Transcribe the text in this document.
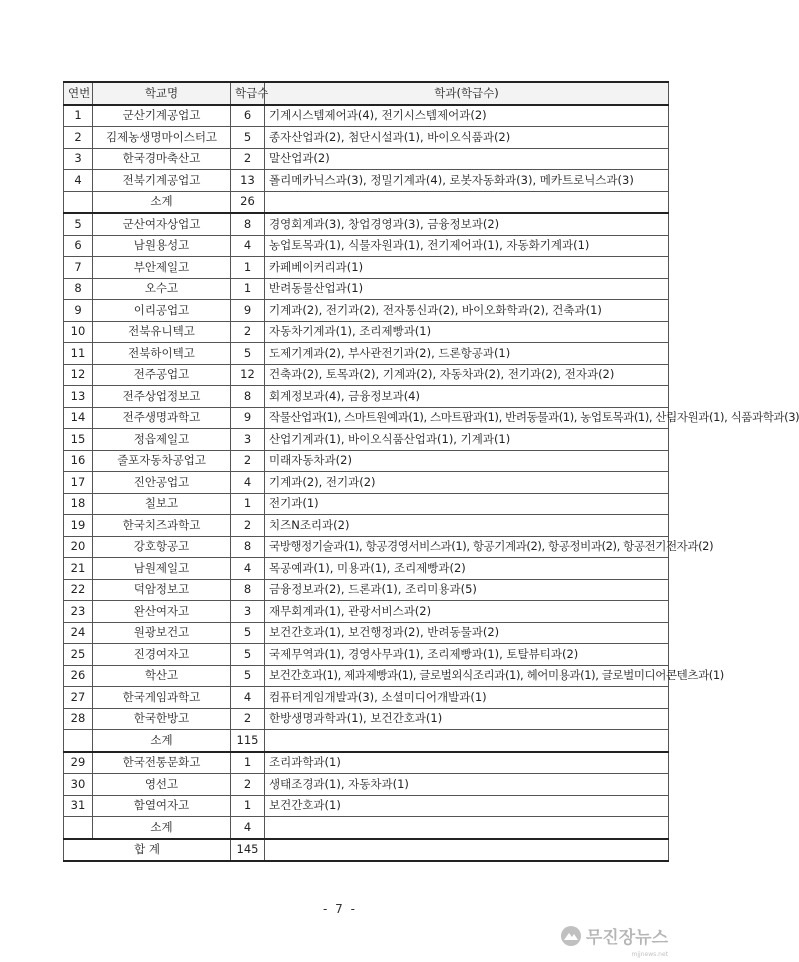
연번	학교명	학급수	학과(학급수)
1	군산기계공업고	6	기계시스템제어과(4), 전기시스템제어과(2)
2	김제농생명마이스터고	5	종자산업과(2), 첨단시설과(1), 바이오식품과(2)
3	한국경마축산고	2	말산업과(2)
4	전북기계공업고	13	폴리메카닉스과(3), 정밀기계과(4), 로봇자동화과(3), 메카트로닉스과(3)
	소계	26	
5	군산여자상업고	8	경영회계과(3), 창업경영과(3), 금융정보과(2)
6	남원용성고	4	농업토목과(1), 식물자원과(1), 전기제어과(1), 자동화기계과(1)
7	부안제일고	1	카페베이커리과(1)
8	오수고	1	반려동물산업과(1)
9	이리공업고	9	기계과(2), 전기과(2), 전자통신과(2), 바이오화학과(2), 건축과(1)
10	전북유니텍고	2	자동차기계과(1), 조리제빵과(1)
11	전북하이텍고	5	도제기계과(2), 부사관전기과(2), 드론항공과(1)
12	전주공업고	12	건축과(2), 토목과(2), 기계과(2), 자동차과(2), 전기과(2), 전자과(2)
13	전주상업정보고	8	회계정보과(4), 금융정보과(4)
14	전주생명과학고	9	작물산업과(1), 스마트원예과(1), 스마트팜과(1), 반려동물과(1), 농업토목과(1), 산림자원과(1), 식품과학과(3)
15	정읍제일고	3	산업기계과(1), 바이오식품산업과(1), 기계과(1)
16	줄포자동차공업고	2	미래자동차과(2)
17	진안공업고	4	기계과(2), 전기과(2)
18	칠보고	1	전기과(1)
19	한국치즈과학고	2	치즈N조리과(2)
20	강호항공고	8	국방행정기술과(1), 항공경영서비스과(1), 항공기계과(2), 항공정비과(2), 항공전기전자과(2)
21	남원제일고	4	목공예과(1), 미용과(1), 조리제빵과(2)
22	덕암정보고	8	금융정보과(2), 드론과(1), 조리미용과(5)
23	완산여자고	3	재무회계과(1), 관광서비스과(2)
24	원광보건고	5	보건간호과(1), 보건행정과(2), 반려동물과(2)
25	진경여자고	5	국제무역과(1), 경영사무과(1), 조리제빵과(1), 토탈뷰티과(2)
26	학산고	5	보건간호과(1), 제과제빵과(1), 글로벌외식조리과(1), 헤어미용과(1), 글로벌미디어콘텐츠과(1)
27	한국게임과학고	4	컴퓨터게임개발과(3), 소셜미디어개발과(1)
28	한국한방고	2	한방생명과학과(1), 보건간호과(1)
	소계	115	
29	한국전통문화고	1	조리과학과(1)
30	영선고	2	생태조경과(1), 자동차과(1)
31	함열여자고	1	보건간호과(1)
	소계	4	
합 계		145	
- 7 -
무진장뉴스
mjjnews.net
